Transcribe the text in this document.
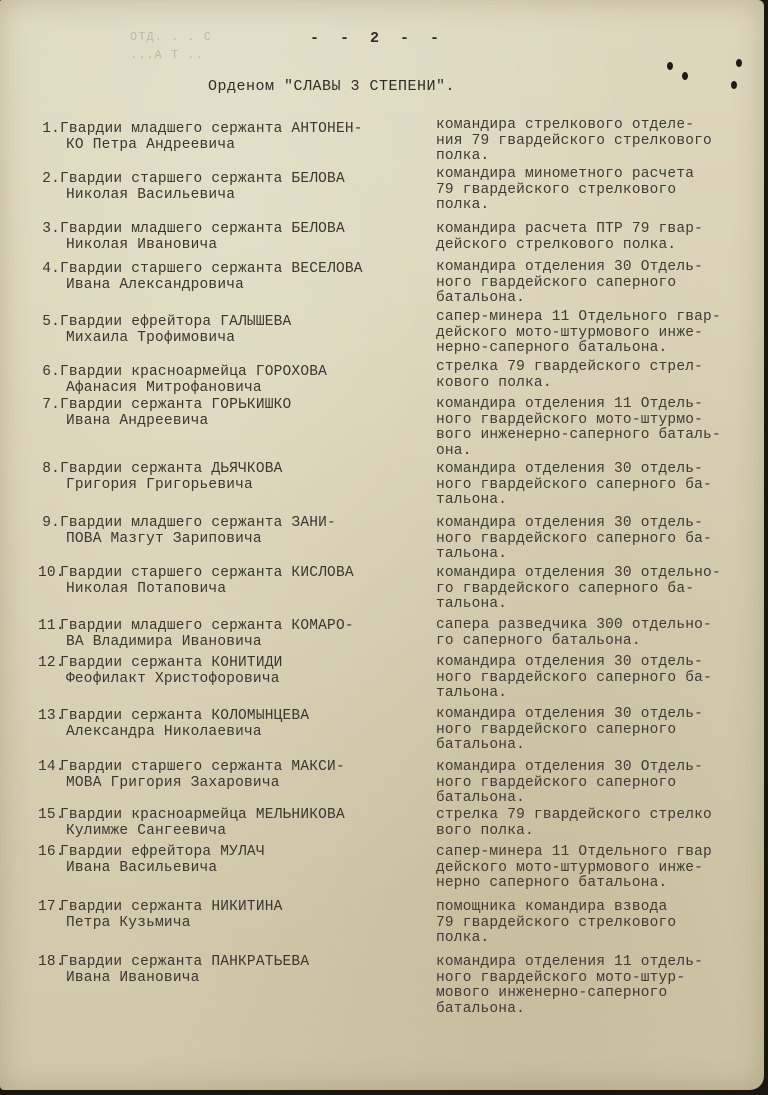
ОТД. . . С
...А Т ..
- - 2 - -
Орденом "СЛАВЫ 3 СТЕПЕНИ".
1.Гвардии младшего сержанта АНТОНЕН-
КО Петра Андреевича
командира стрелкового отделе-
ния 79 гвардейского стрелкового
полка.
2.Гвардии старшего сержанта БЕЛОВА
Николая Васильевича
командира минометного расчета
79 гвардейского стрелкового
полка.
3.Гвардии младшего сержанта БЕЛОВА
Николая Ивановича
командира расчета ПТР 79 гвар-
дейского стрелкового полка.
4.Гвардии старшего сержанта ВЕСЕЛОВА
Ивана Александровича
командира отделения 30 Отдель-
ного гвардейского саперного
батальона.
5.Гвардии ефрейтора ГАЛЫШЕВА
Михаила Трофимовича
сапер-минера 11 Отдельного гвар-
дейского мото-штурмового инже-
нерно-саперного батальона.
6.Гвардии красноармейца ГОРОХОВА
Афанасия Митрофановича
стрелка 79 гвардейского стрел-
кового полка.
7.Гвардии сержанта ГОРЬКИШКО
Ивана Андреевича
командира отделения 11 Отдель-
ного гвардейского мото-штурмо-
вого инженерно-саперного баталь-
она.
8.Гвардии сержанта ДЬЯЧКОВА
Григория Григорьевича
командира отделения 30 отдель-
ного гвардейского саперного ба-
тальона.
9.Гвардии младшего сержанта ЗАНИ-
ПОВА Мазгут Зариповича
командира отделения 30 отдель-
ного гвардейского саперного ба-
тальона.
10.Гвардии старшего сержанта КИСЛОВА
Николая Потаповича
командира отделения 30 отдельно-
го гвардейского саперного ба-
тальона.
11.Гвардии младшего сержанта КОМАРО-
ВА Владимира Ивановича
сапера разведчика 300 отдельно-
го саперного батальона.
12.Гвардии сержанта КОНИТИДИ
Феофилакт Христофоровича
командира отделения 30 отдель-
ного гвардейского саперного ба-
тальона.
13.Гвардии сержанта КОЛОМЫНЦЕВА
Александра Николаевича
командира отделения 30 отдель-
ного гвардейского саперного
батальона.
14.Гвардии старшего сержанта МАКСИ-
МОВА Григория Захаровича
командира отделения 30 Отдель-
ного гвардейского саперного
батальона.
15.Гвардии красноармейца МЕЛЬНИКОВА
Кулимже Сангеевича
стрелка 79 гвардейского стрелко
вого полка.
16.Гвардии ефрейтора МУЛАЧ
Ивана Васильевича
сапер-минера 11 Отдельного гвар
дейского мото-штурмового инже-
нерно саперного батальона.
17.Гвардии сержанта НИКИТИНА
Петра Кузьмича
помощника командира взвода
79 гвардейского стрелкового
полка.
18.Гвардии сержанта ПАНКРАТЬЕВА
Ивана Ивановича
командира отделения 11 отдель-
ного гвардейского мото-штур-
мового инженерно-саперного
батальона.
